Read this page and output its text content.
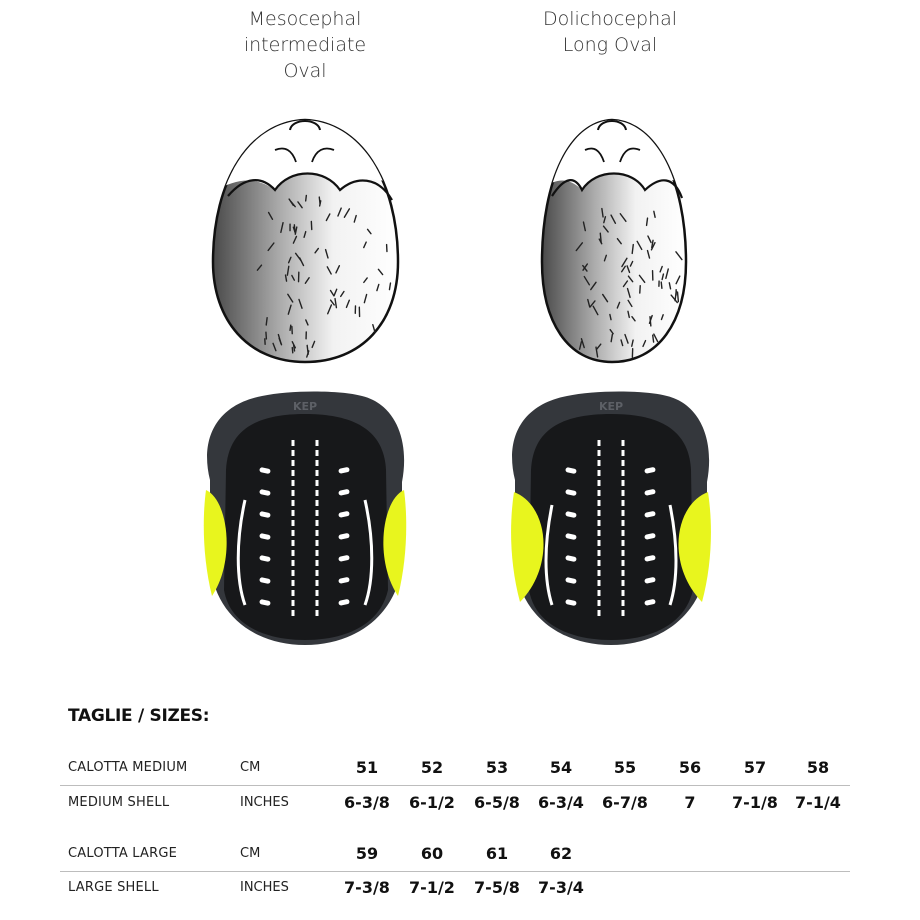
Mesocephal
intermediate
Oval
Dolichocephal
Long Oval
KEP	KEP
TAGLIE / SIZES:
CALOTTA MEDIUM	CM	51	52	53	54	55	56	57	58
MEDIUM SHELL	INCHES	6-3/8	6-1/2	6-5/8	6-3/4	6-7/8	7	7-1/8	7-1/4
CALOTTA LARGE	CM	59	60	61	62
LARGE SHELL	INCHES	7-3/8	7-1/2	7-5/8	7-3/4
